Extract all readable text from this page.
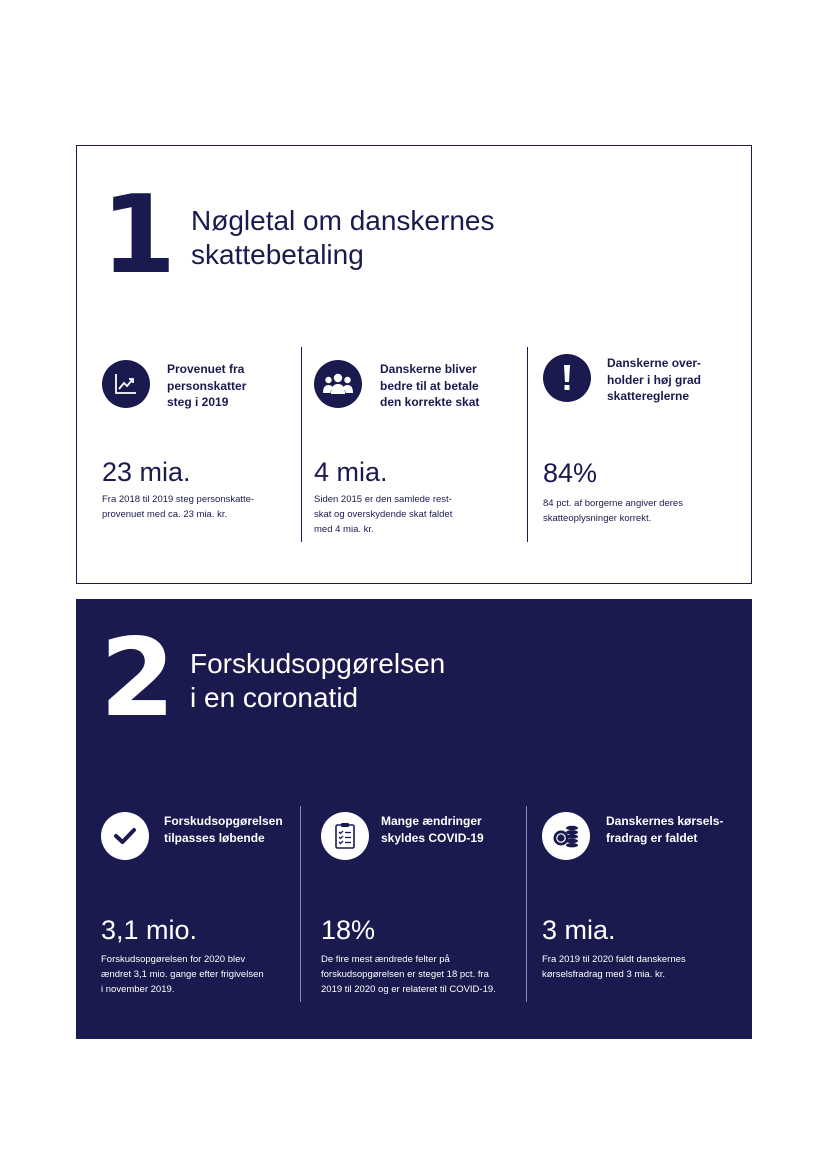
1 Nøgletal om danskernes
skattebetaling
Provenuet fra
personskatter
steg i 2019
23 mia.
Fra 2018 til 2019 steg personskatte-
provenuet med ca. 23 mia. kr.
Danskerne bliver
bedre til at betale
den korrekte skat
4 mia.
Siden 2015 er den samlede rest-
skat og overskydende skat faldet
med 4 mia. kr.
Danskerne over-
holder i høj grad
skattereglerne
84%
84 pct. af borgerne angiver deres
skatteoplysninger korrekt.
2 Forskudsopgørelsen
i en coronatid
Forskudsopgørelsen
tilpasses løbende
3,1 mio.
Forskudsopgørelsen for 2020 blev
ændret 3,1 mio. gange efter frigivelsen
i november 2019.
Mange ændringer
skyldes COVID-19
18%
De fire mest ændrede felter på
forskudsopgørelsen er steget 18 pct. fra
2019 til 2020 og er relateret til COVID-19.
Danskernes kørsels-
fradrag er faldet
3 mia.
Fra 2019 til 2020 faldt danskernes
kørselsfradrag med 3 mia. kr.
